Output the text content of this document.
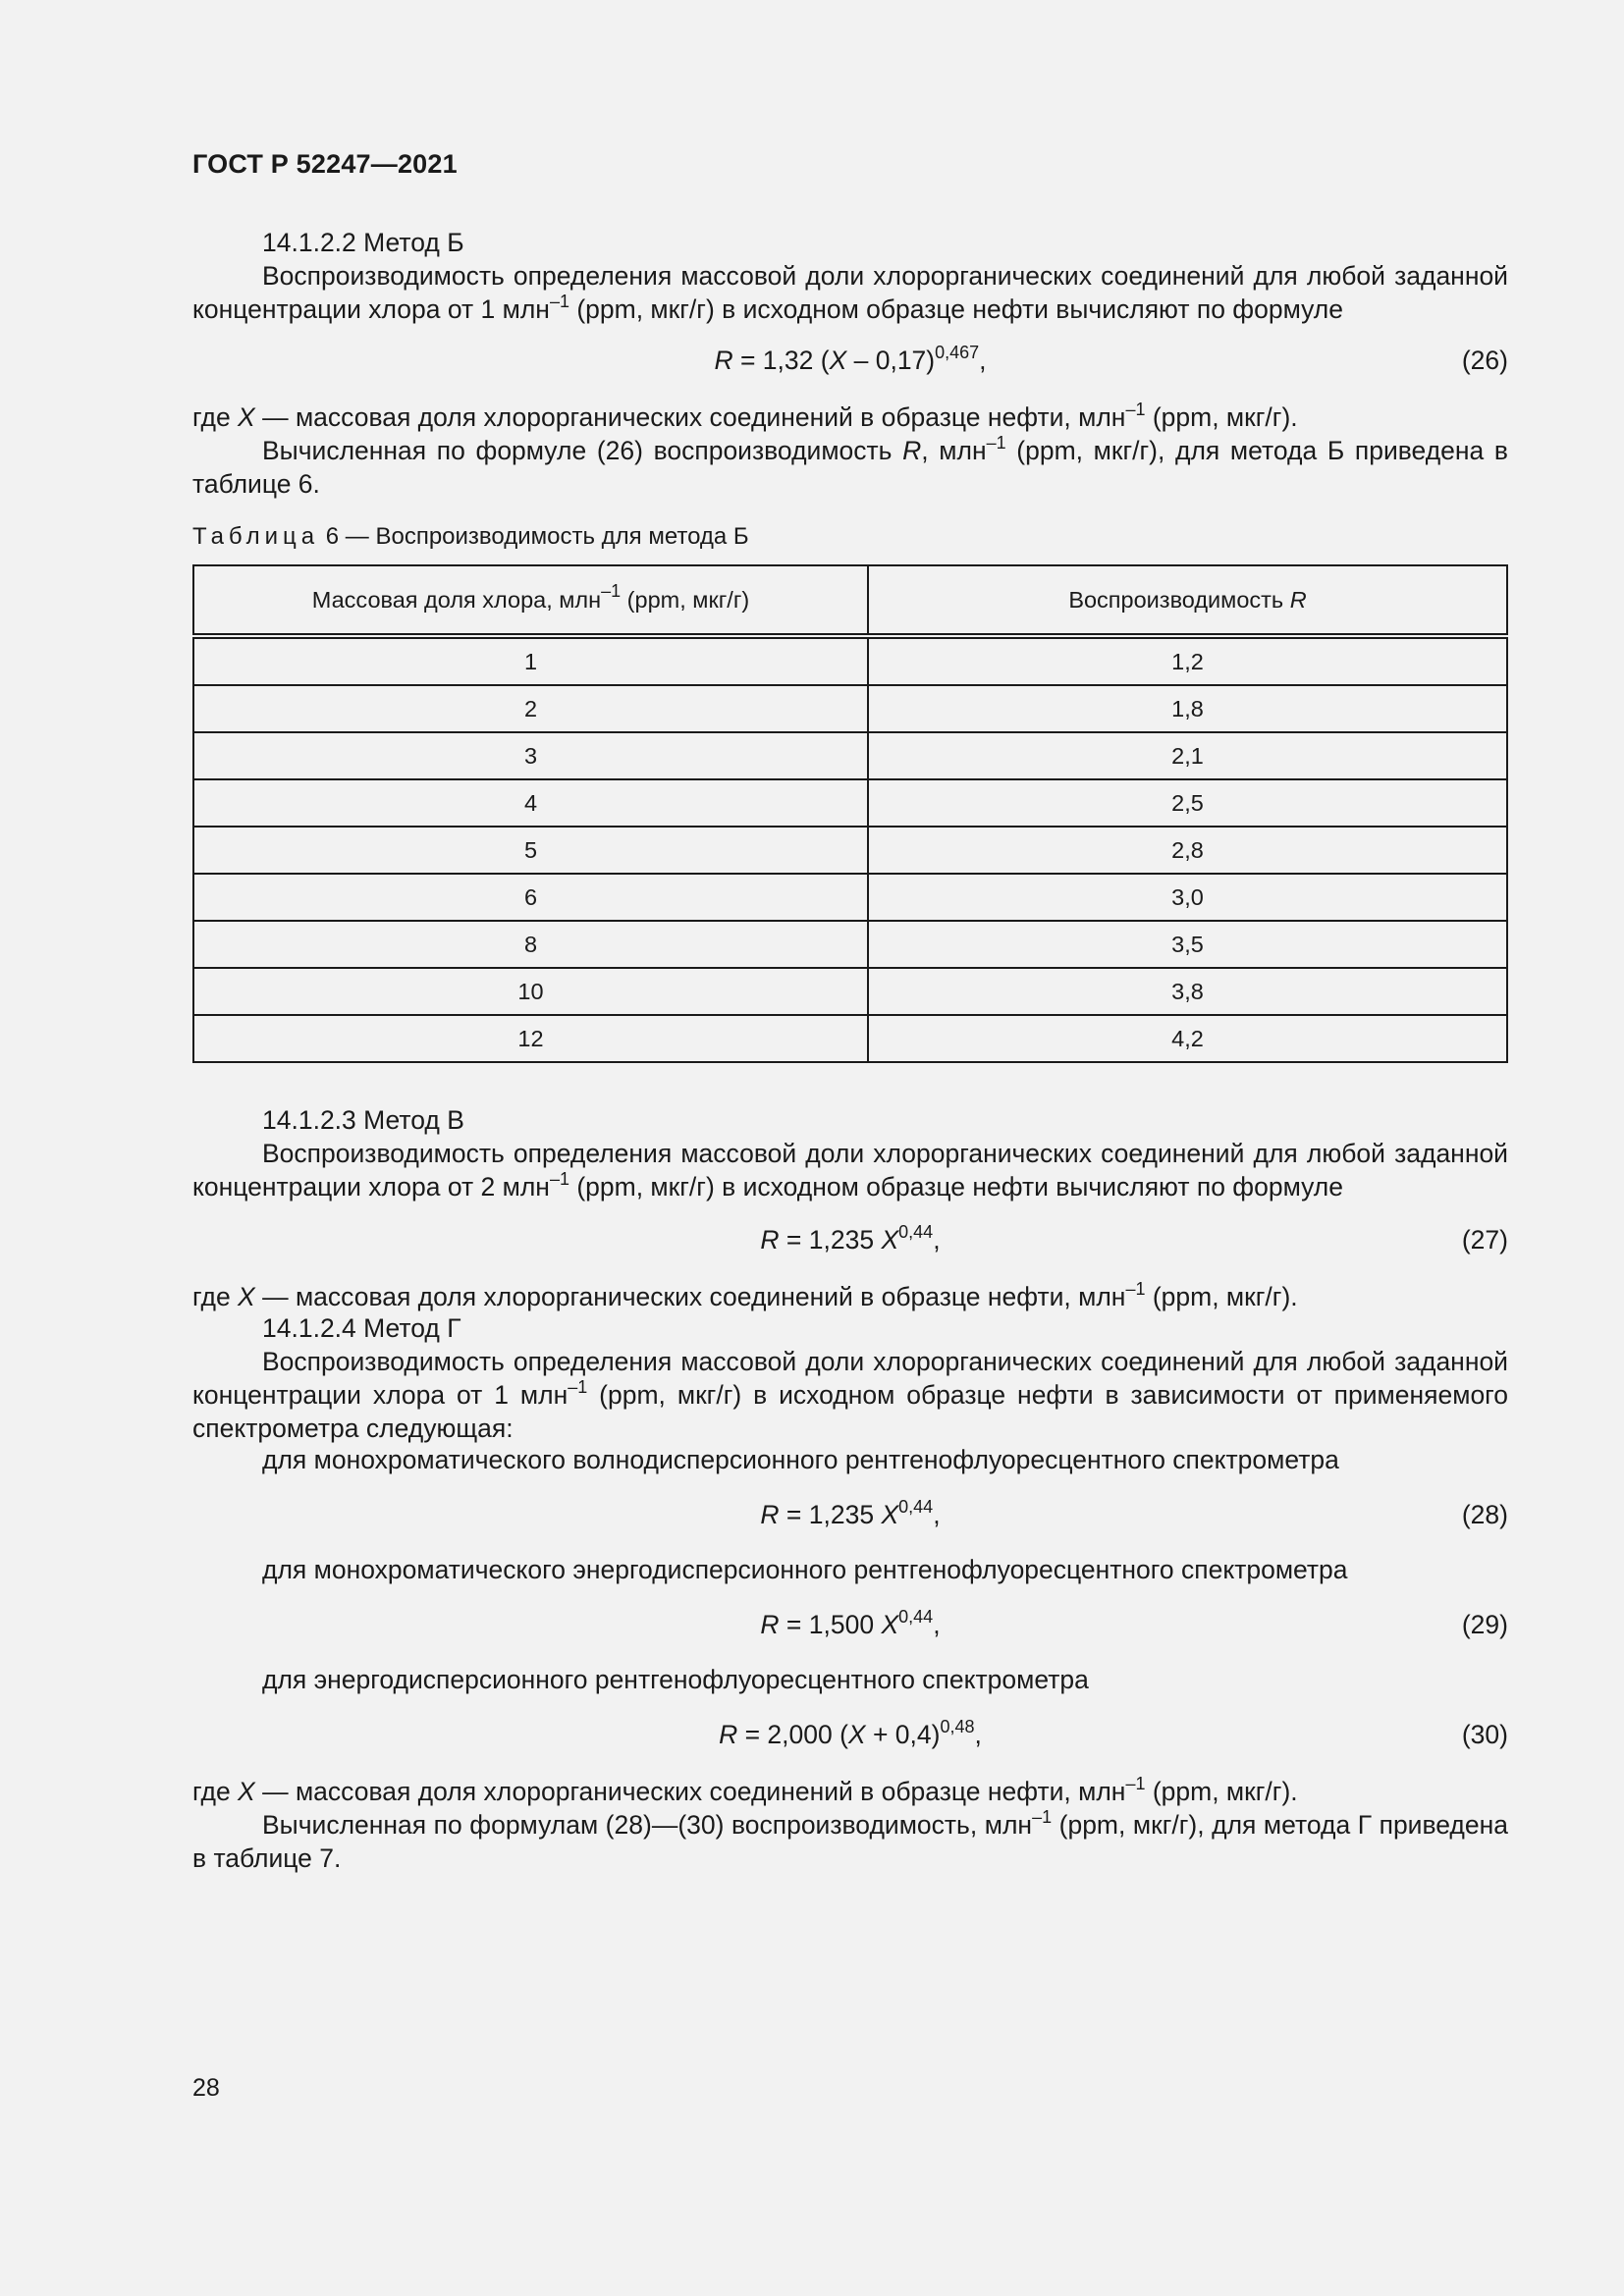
ГОСТ Р 52247—2021
14.1.2.2 Метод Б
Воспроизводимость определения массовой доли хлорорганических соединений для любой заданной концентрации хлора от 1 млн$^{-1}$ (ppm, мкг/г) в исходном образце нефти вычисляют по формуле
R = 1,32 (X – 0,17)$^{0,467}$,	(26)
где X — массовая доля хлорорганических соединений в образце нефти, млн$^{-1}$ (ppm, мкг/г).
Вычисленная по формуле (26) воспроизводимость R, млн$^{-1}$ (ppm, мкг/г), для метода Б приведена в таблице 6.
Таблица 6 — Воспроизводимость для метода Б
Массовая доля хлора, млн$^{-1}$ (ppm, мкг/г)	Воспроизводимость R
1	1,2
2	1,8
3	2,1
4	2,5
5	2,8
6	3,0
8	3,5
10	3,8
12	4,2
14.1.2.3 Метод В
Воспроизводимость определения массовой доли хлорорганических соединений для любой заданной концентрации хлора от 2 млн$^{-1}$ (ppm, мкг/г) в исходном образце нефти вычисляют по формуле
R = 1,235 X$^{0,44}$,	(27)
где X — массовая доля хлорорганических соединений в образце нефти, млн$^{-1}$ (ppm, мкг/г).
14.1.2.4 Метод Г
Воспроизводимость определения массовой доли хлорорганических соединений для любой заданной концентрации хлора от 1 млн$^{-1}$ (ppm, мкг/г) в исходном образце нефти в зависимости от применяемого спектрометра следующая:
для монохроматического волнодисперсионного рентгенофлуоресцентного спектрометра
R = 1,235 X$^{0,44}$,	(28)
для монохроматического энергодисперсионного рентгенофлуоресцентного спектрометра
R = 1,500 X$^{0,44}$,	(29)
для энергодисперсионного рентгенофлуоресцентного спектрометра
R = 2,000 $(X + 0,4)^{0,48}$,	(30)
где X — массовая доля хлорорганических соединений в образце нефти, млн$^{-1}$ (ppm, мкг/г).
Вычисленная по формулам (28)—(30) воспроизводимость, млн$^{-1}$ (ppm, мкг/г), для метода Г приведена в таблице 7.
28
